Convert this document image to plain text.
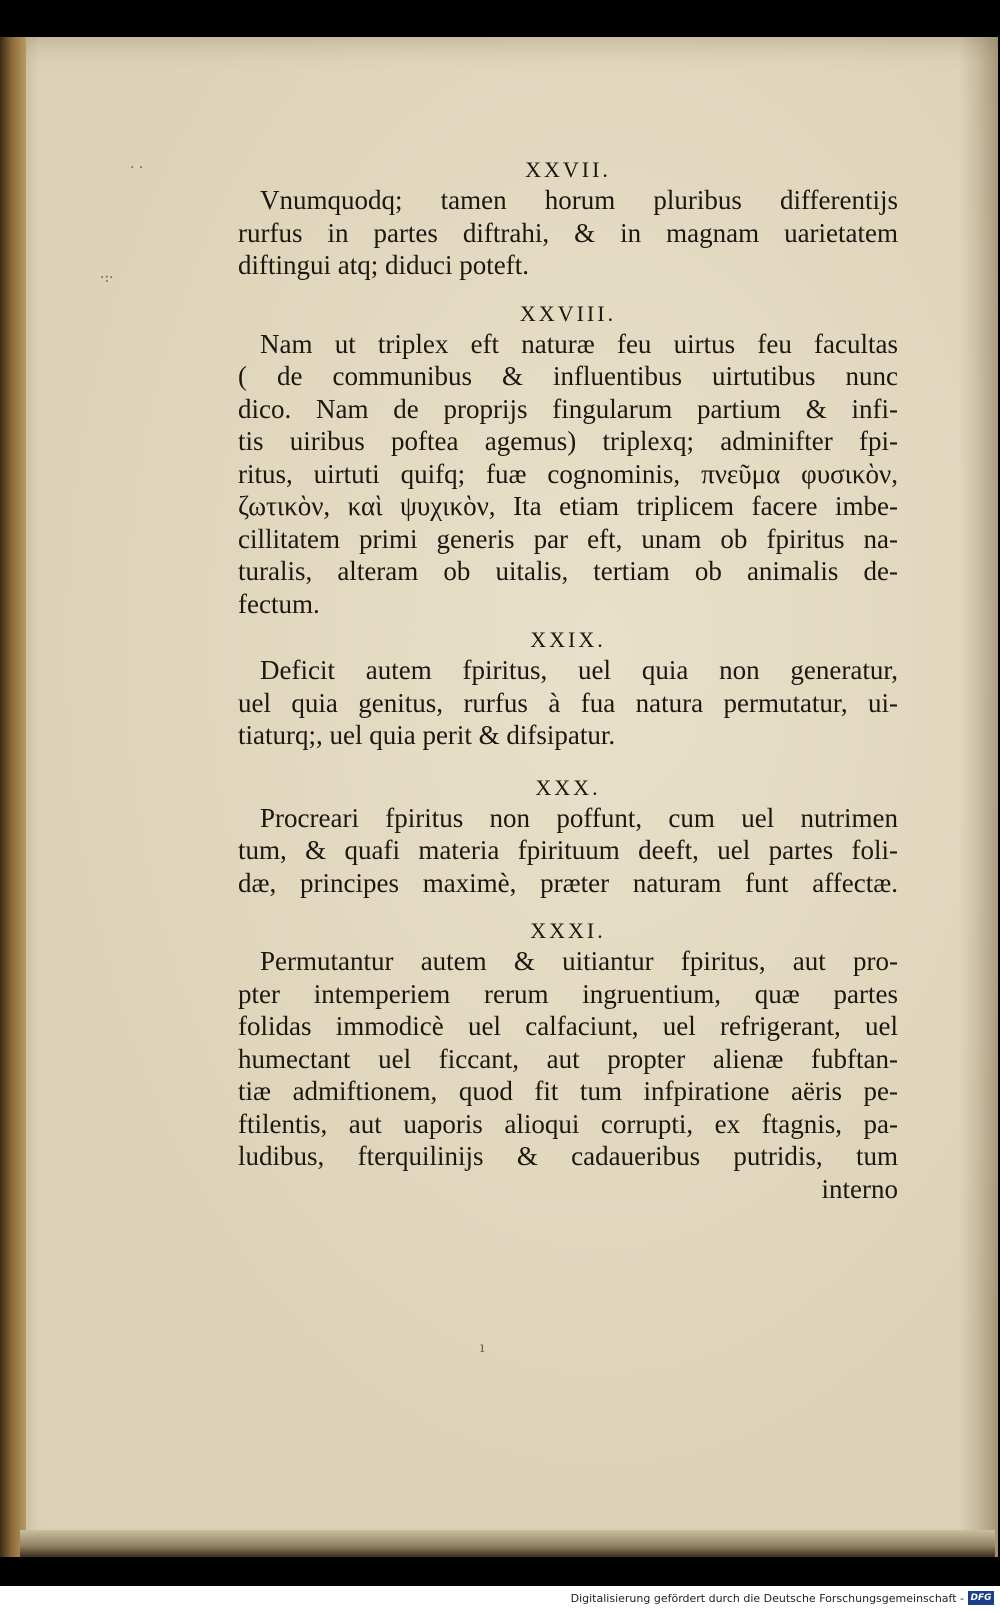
XXVII.

Vnumquodq; tamen horum pluribus differentijs
rurfus in partes diftrahi, & in magnam uarietatem
diftingui atq; diduci poteft.

XXVIII.

Nam ut triplex eft naturæ feu uirtus feu facultas
( de communibus & influentibus uirtutibus nunc
dico. Nam de proprijs fingularum partium & infi-
tis uiribus poftea agemus) triplexq; adminifter fpi-
ritus, uirtuti quifq; fuæ cognominis, πνεῦμα φυσικὸν,
ζωτικὸν, καὶ ψυχικὸν, Ita etiam triplicem facere imbe-
cillitatem primi generis par eft, unam ob fpiritus na-
turalis, alteram ob uitalis, tertiam ob animalis de-
fectum.

XXIX.

Deficit autem fpiritus, uel quia non generatur,
uel quia genitus, rurfus à fua natura permutatur, ui-
tiaturq;, uel quia perit & difsipatur.

XXX.

Procreari fpiritus non poffunt, cum uel nutrimen
tum, & quafi materia fpirituum deeft, uel partes foli-
dæ, principes maximè, præter naturam funt affectæ.

XXXI.

Permutantur autem & uitiantur fpiritus, aut pro-
pter intemperiem rerum ingruentium, quæ partes
folidas immodicè uel calfaciunt, uel refrigerant, uel
humectant uel ficcant, aut propter alienæ fubftan-
tiæ admiftionem, quod fit tum infpiratione aëris pe-
ftilentis, aut uaporis alioqui corrupti, ex ftagnis, pa-
ludibus, fterquilinijs & cadaueribus putridis, tum
interno

· ·
·:·
ı
Digitalisierung gefördert durch die Deutsche Forschungsgemeinschaft - DFG
